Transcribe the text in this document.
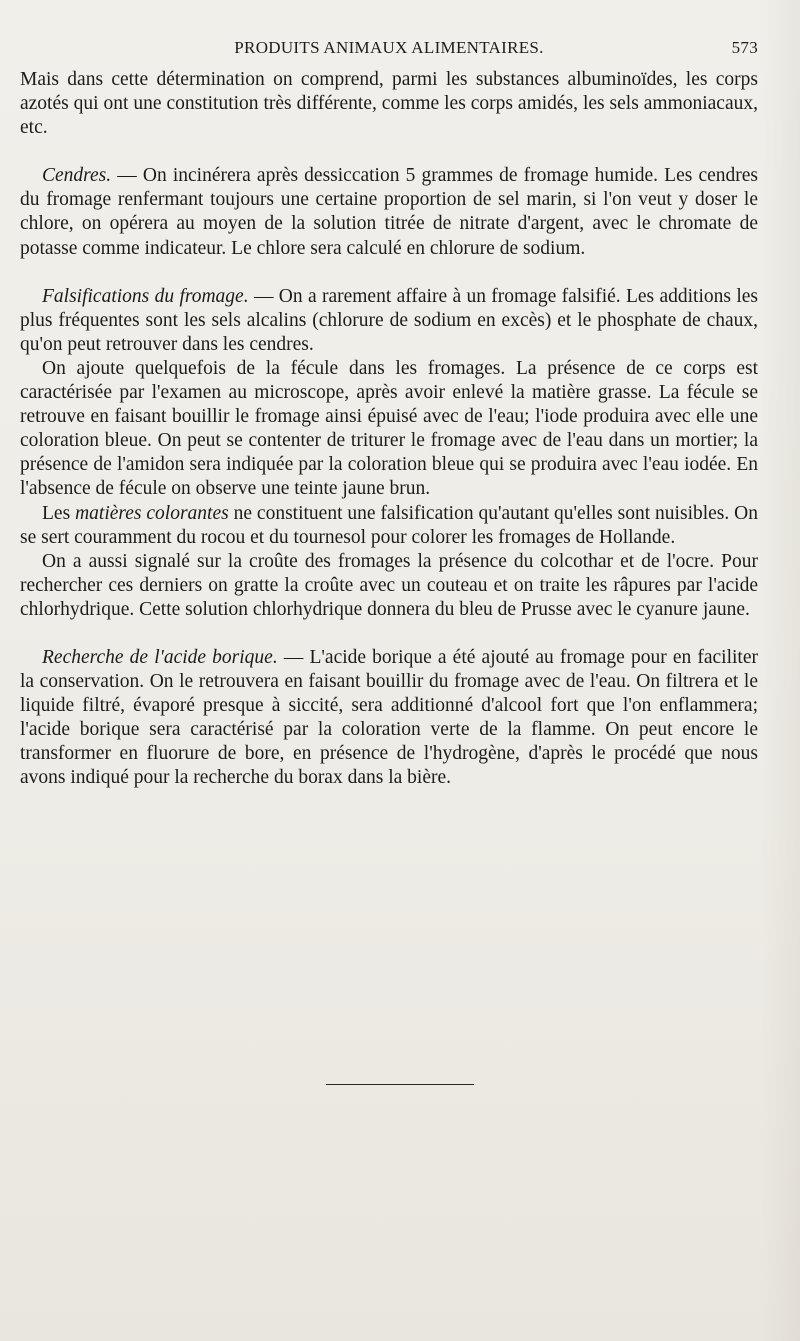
PRODUITS ANIMAUX ALIMENTAIRES.	573

Mais dans cette détermination on comprend, parmi les substances albuminoïdes, les corps azotés qui ont une constitution très différente, comme les corps amidés, les sels ammoniacaux, etc.

Cendres. — On incinérera après dessiccation 5 grammes de fromage humide. Les cendres du fromage renfermant toujours une certaine proportion de sel marin, si l'on veut y doser le chlore, on opérera au moyen de la solution titrée de nitrate d'argent, avec le chromate de potasse comme indicateur. Le chlore sera calculé en chlorure de sodium.

Falsifications du fromage. — On a rarement affaire à un fromage falsifié. Les additions les plus fréquentes sont les sels alcalins (chlorure de sodium en excès) et le phosphate de chaux, qu'on peut retrouver dans les cendres.

On ajoute quelquefois de la fécule dans les fromages. La présence de ce corps est caractérisée par l'examen au microscope, après avoir enlevé la matière grasse. La fécule se retrouve en faisant bouillir le fromage ainsi épuisé avec de l'eau; l'iode produira avec elle une coloration bleue. On peut se contenter de triturer le fromage avec de l'eau dans un mortier; la présence de l'amidon sera indiquée par la coloration bleue qui se produira avec l'eau iodée. En l'absence de fécule on observe une teinte jaune brun.

Les matières colorantes ne constituent une falsification qu'autant qu'elles sont nuisibles. On se sert couramment du rocou et du tournesol pour colorer les fromages de Hollande.

On a aussi signalé sur la croûte des fromages la présence du colcothar et de l'ocre. Pour rechercher ces derniers on gratte la croûte avec un couteau et on traite les râpures par l'acide chlorhydrique. Cette solution chlorhydrique donnera du bleu de Prusse avec le cyanure jaune.

Recherche de l'acide borique. — L'acide borique a été ajouté au fromage pour en faciliter la conservation. On le retrouvera en faisant bouillir du fromage avec de l'eau. On filtrera et le liquide filtré, évaporé presque à siccité, sera additionné d'alcool fort que l'on enflammera; l'acide borique sera caractérisé par la coloration verte de la flamme. On peut encore le transformer en fluorure de bore, en présence de l'hydrogène, d'après le procédé que nous avons indiqué pour la recherche du borax dans la bière.
